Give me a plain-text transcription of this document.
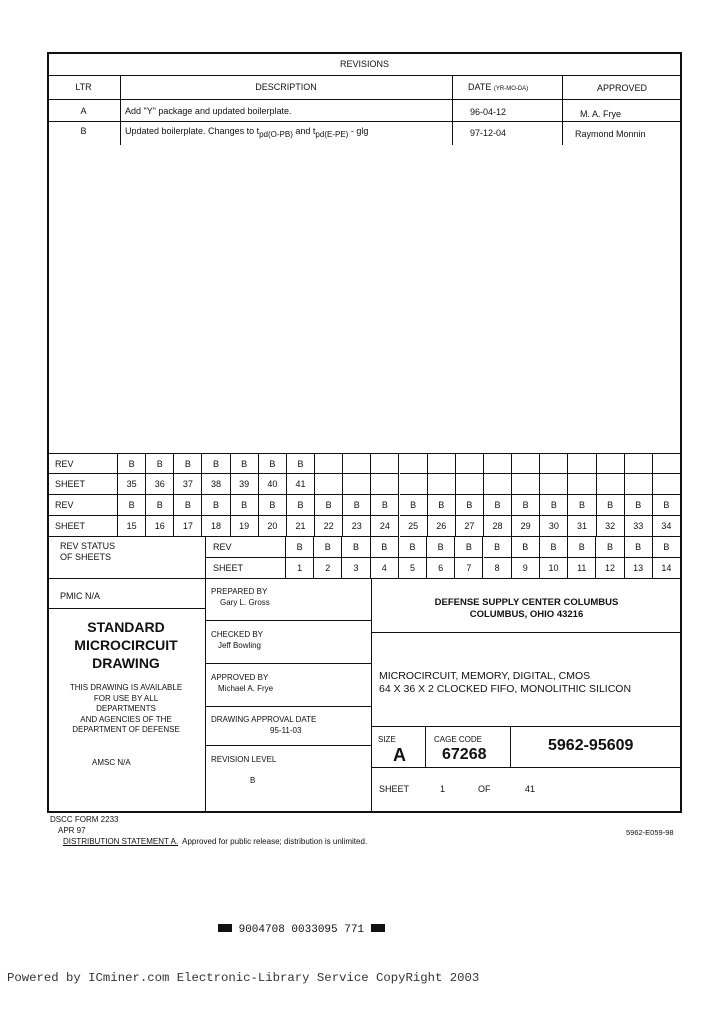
REVISIONS
LTR	DESCRIPTION	DATE (YR-MO-DA)	APPROVED
A	Add "Y" package and updated boilerplate.	96-04-12	M. A. Frye
B	Updated boilerplate. Changes to $t_{pd(O-PB)}$ and $t_{pd(E-PE)}$ - glg	97-12-04	Raymond Monnin
REV	B	B	B	B	B	B	B
SHEET	35	36	37	38	39	40	41
REV	B	B	B	B	B	B	B	B	B	B	B	B	B	B	B	B	B	B	B	B
SHEET	15	16	17	18	19	20	21	22	23	24	25	26	27	28	29	30	31	32	33	34
REV	B	B	B	B	B	B	B	B	B	B	B	B	B	B
SHEET	1	2	3	4	5	6	7	8	9	10	11	12	13	14
REV STATUS
OF SHEETS
PMIC N/A
STANDARD
MICROCIRCUIT
DRAWING
THIS DRAWING IS AVAILABLE
FOR USE BY ALL
DEPARTMENTS
AND AGENCIES OF THE
DEPARTMENT OF DEFENSE
AMSC N/A
PREPARED BY
Gary L. Gross
CHECKED BY
Jeff Bowling
APPROVED BY
Michael A. Frye
DRAWING APPROVAL DATE
95-11-03
REVISION LEVEL
B
DEFENSE SUPPLY CENTER COLUMBUS
COLUMBUS, OHIO 43216
MICROCIRCUIT, MEMORY, DIGITAL, CMOS
64 X 36 X 2 CLOCKED FIFO, MONOLITHIC SILICON
SIZE
A
CAGE CODE
67268
5962-95609
SHEET	1	OF	41
DSCC FORM 2233
APR 97
DISTRIBUTION STATEMENT A. Approved for public release; distribution is unlimited.
5962-E059-98
9004708 0033095 771
Powered by ICminer.com Electronic-Library Service CopyRight 2003
